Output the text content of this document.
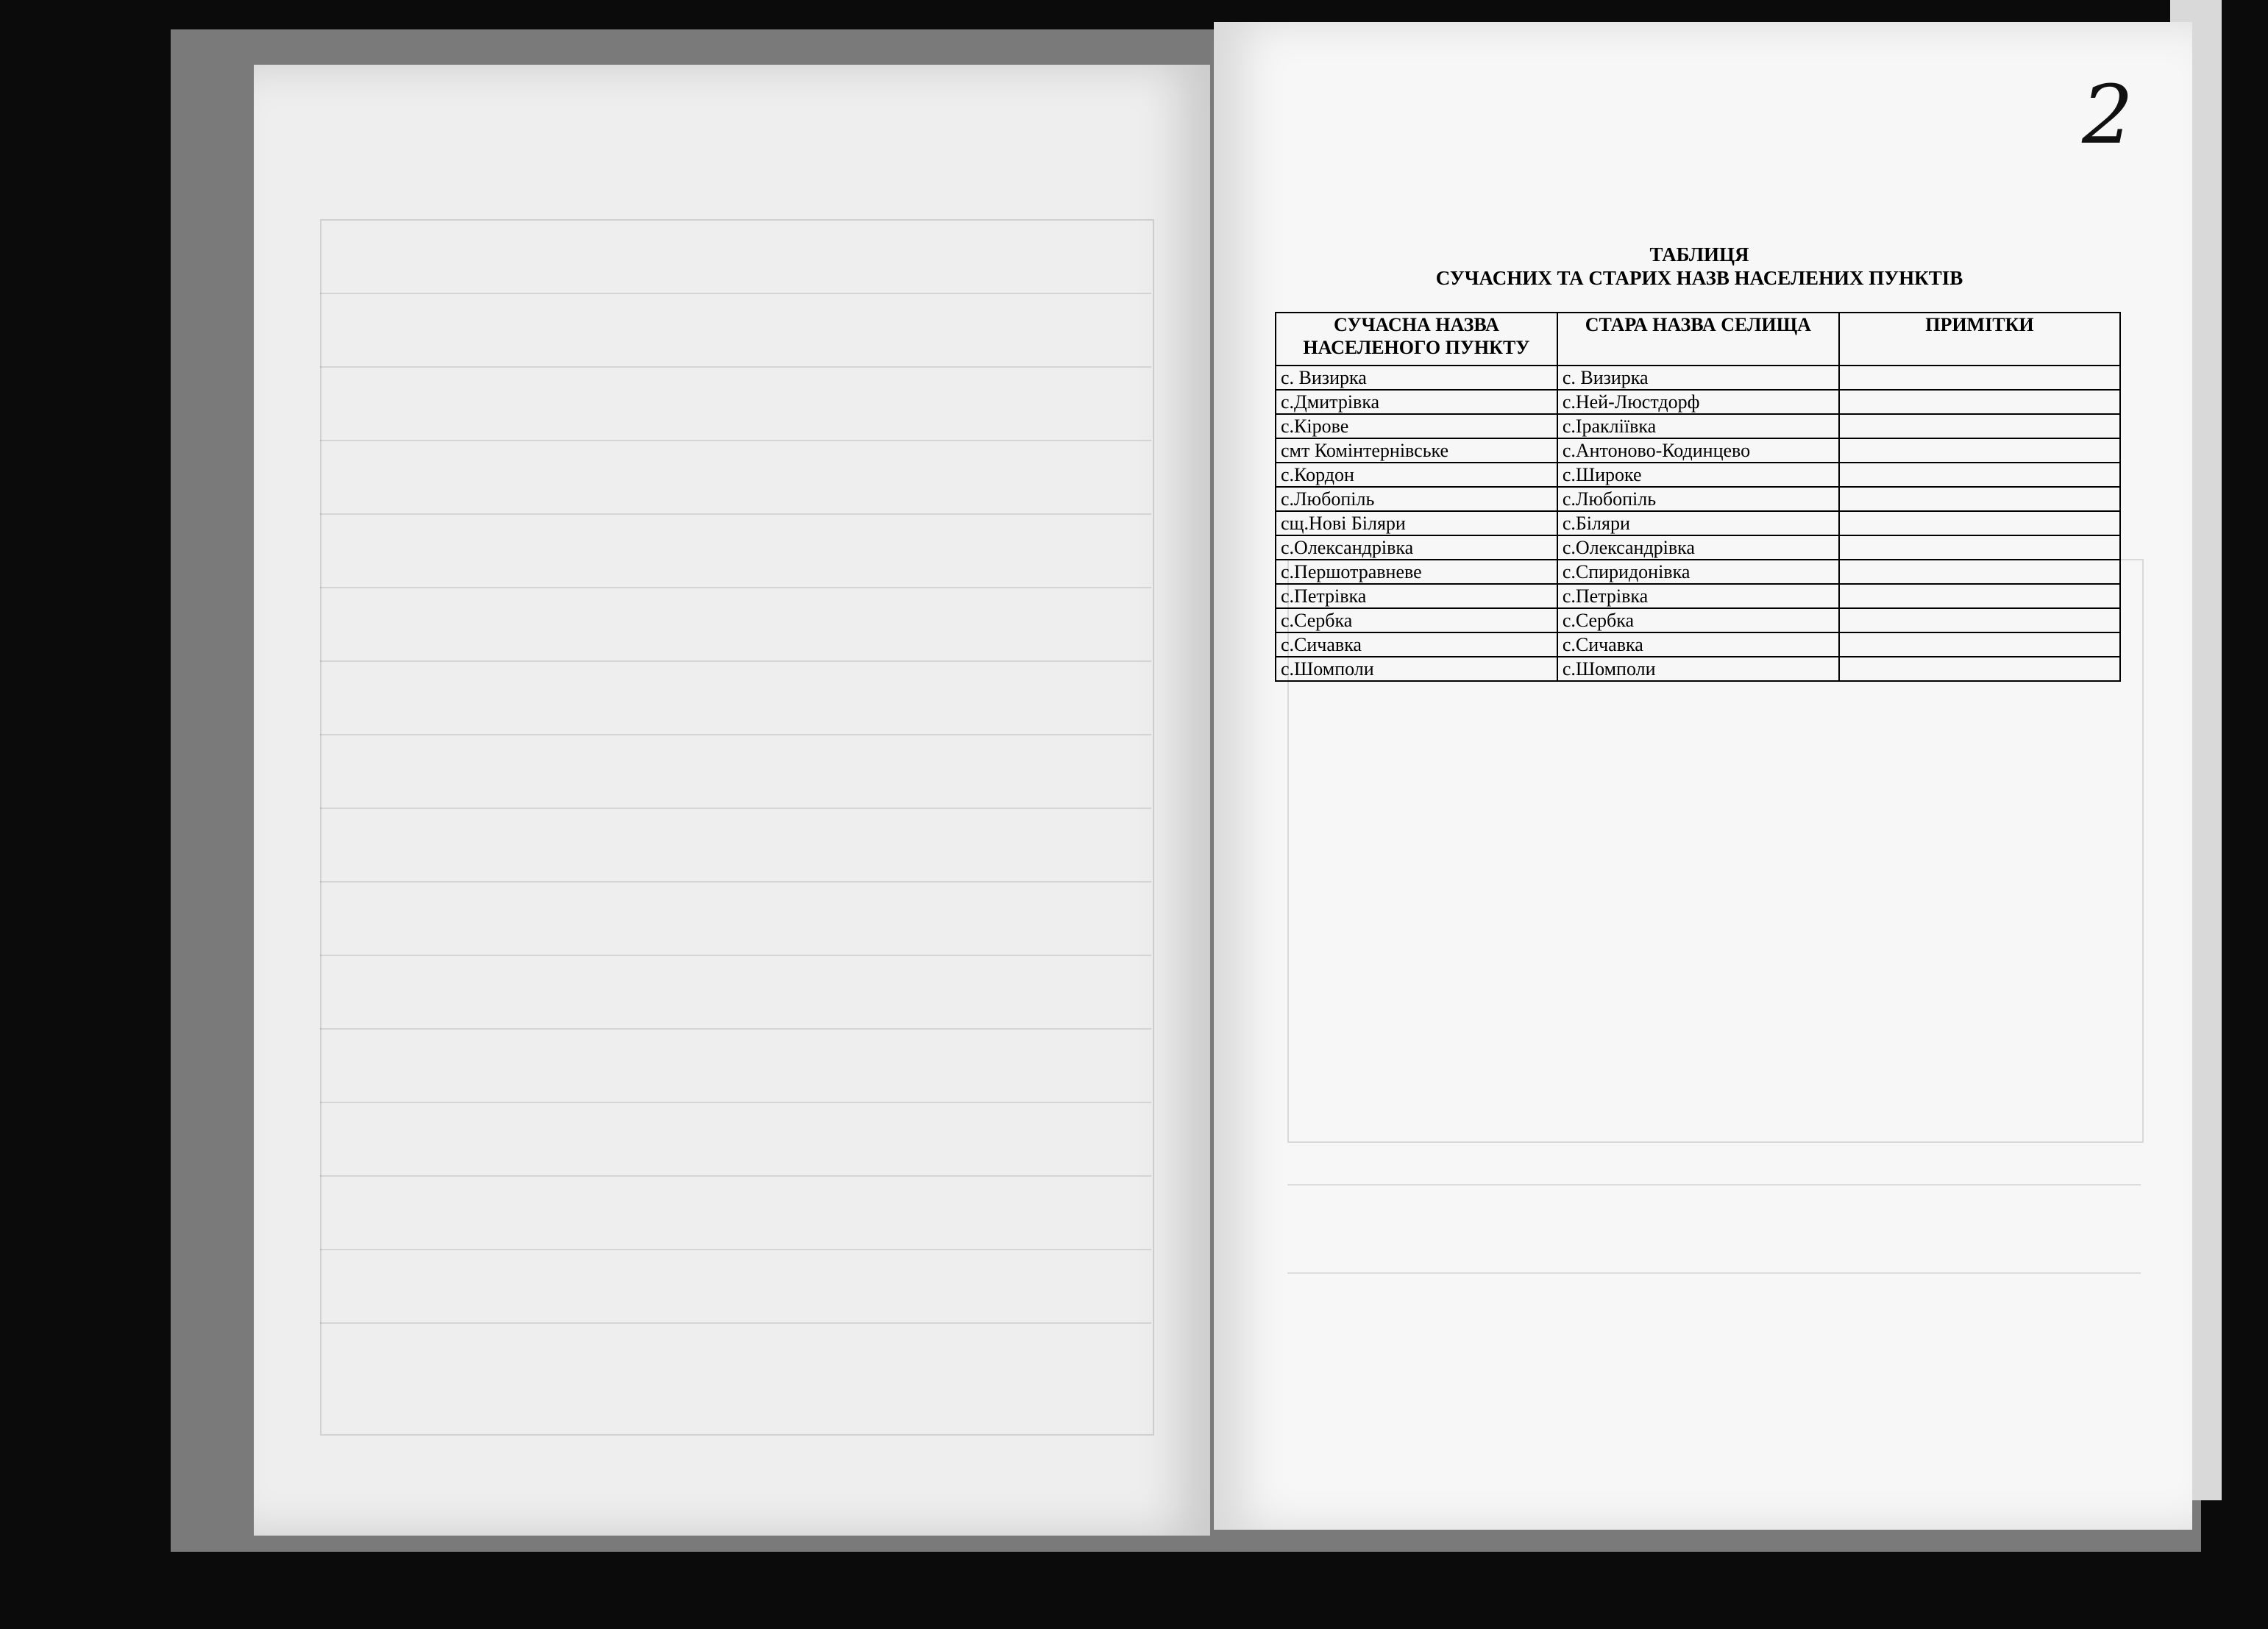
2
ТАБЛИЦЯ
СУЧАСНИХ ТА СТАРИХ НАЗВ НАСЕЛЕНИХ ПУНКТІВ
СУЧАСНА НАЗВА НАСЕЛЕНОГО ПУНКТУ	СТАРА НАЗВА СЕЛИЩА	ПРИМІТКИ
с. Визирка	с. Визирка	
с.Дмитрівка	с.Ней-Люстдорф	
с.Кірове	с.Іракліївка	
смт Комінтернівське	с.Антоново-Кодинцево	
с.Кордон	с.Широке	
с.Любопіль	с.Любопіль	
сщ.Нові Біляри	с.Біляри	
с.Олександрівка	с.Олександрівка	
с.Першотравневе	с.Спиридонівка	
с.Петрівка	с.Петрівка	
с.Сербка	с.Сербка	
с.Сичавка	с.Сичавка	
с.Шомполи	с.Шомполи	
